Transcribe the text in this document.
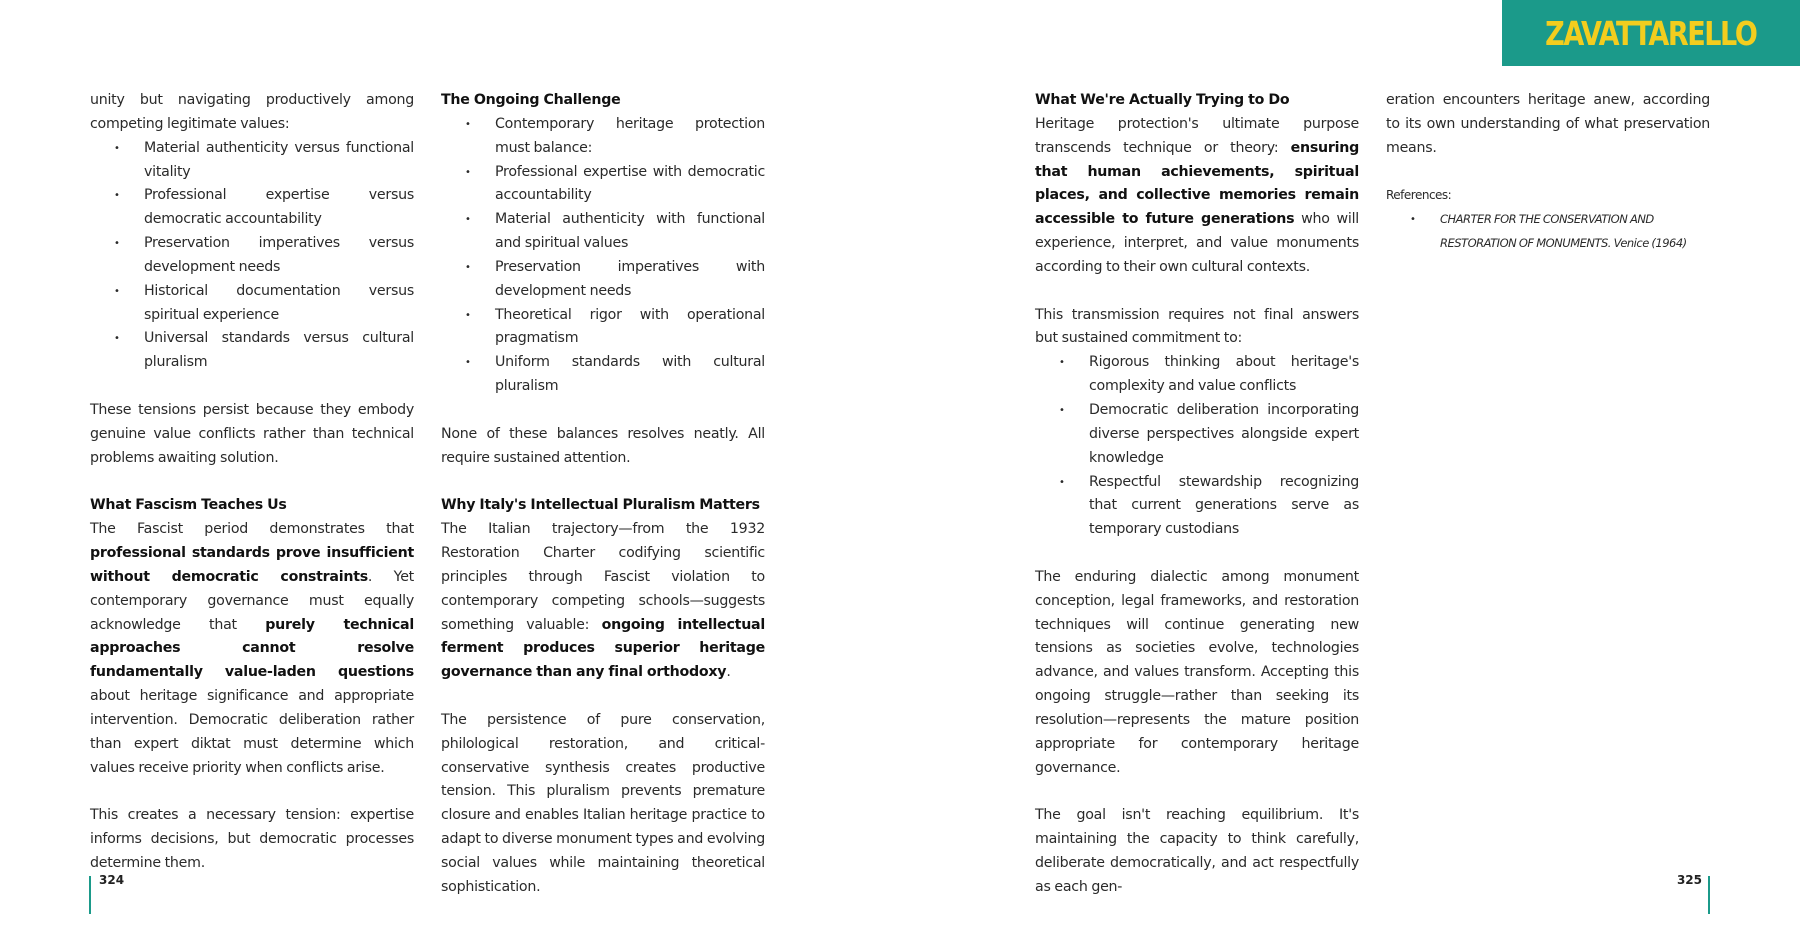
ZAVATTARELLO

unity but navigating productively among competing legitimate values:

• Material authenticity versus functional vitality
• Professional expertise versus democratic accountability
• Preservation imperatives versus development needs
• Historical documentation versus spiritual experience
• Universal standards versus cultural pluralism

These tensions persist because they embody genuine value conflicts rather than technical problems awaiting solution.

What Fascism Teaches Us

The Fascist period demonstrates that professional standards prove insufficient without democratic constraints. Yet contemporary governance must equally acknowledge that purely technical approaches cannot resolve fundamentally value-laden questions about heritage significance and appropriate intervention. Democratic deliberation rather than expert diktat must determine which values receive priority when conflicts arise.

This creates a necessary tension: expertise informs decisions, but democratic processes determine them.

The Ongoing Challenge
• Contemporary heritage protection must balance:
• Professional expertise with democratic accountability
• Material authenticity with functional and spiritual values
• Preservation imperatives with development needs
• Theoretical rigor with operational pragmatism
• Uniform standards with cultural pluralism

None of these balances resolves neatly. All require sustained attention.

Why Italy's Intellectual Pluralism Matters

The Italian trajectory—from the 1932 Restoration Charter codifying scientific principles through Fascist violation to contemporary competing schools—suggests something valuable: ongoing intellectual ferment produces superior heritage governance than any final orthodoxy.

The persistence of pure conservation, philological restoration, and critical-conservative synthesis creates productive tension. This pluralism prevents premature closure and enables Italian heritage practice to adapt to diverse monument types and evolving social values while maintaining theoretical sophistication.

What We're Actually Trying to Do

Heritage protection's ultimate purpose transcends technique or theory: ensuring that human achievements, spiritual places, and collective memories remain accessible to future generations who will experience, interpret, and value monuments according to their own cultural contexts.

This transmission requires not final answers but sustained commitment to:

• Rigorous thinking about heritage's complexity and value conflicts
• Democratic deliberation incorporating diverse perspectives alongside expert knowledge
• Respectful stewardship recognizing that current generations serve as temporary custodians

The enduring dialectic among monument conception, legal frameworks, and restoration techniques will continue generating new tensions as societies evolve, technologies advance, and values transform. Accepting this ongoing struggle—rather than seeking its resolution—represents the mature position appropriate for contemporary heritage governance.

The goal isn't reaching equilibrium. It's maintaining the capacity to think carefully, deliberate democratically, and act respectfully as each gen-

eration encounters heritage anew, according to its own understanding of what preservation means.

References:

• CHARTER FOR THE CONSERVATION AND RESTORATION OF MONUMENTS. Venice (1964)
324	325
